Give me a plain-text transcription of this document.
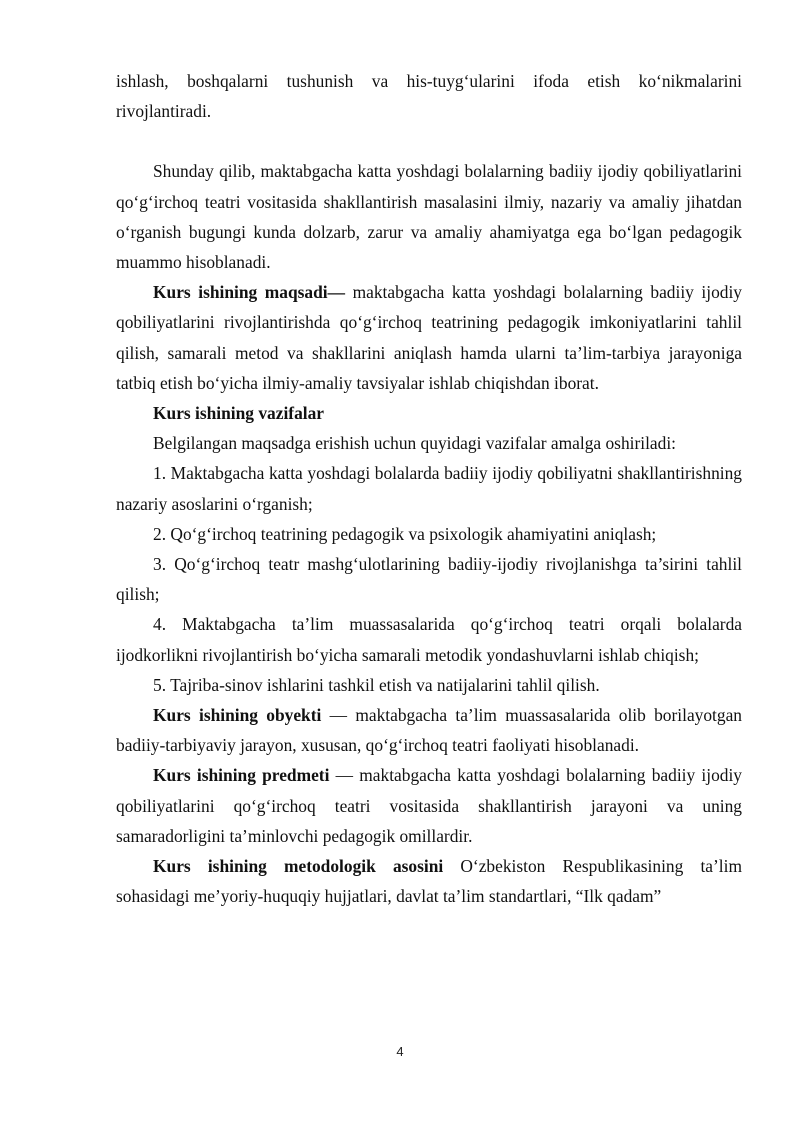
ishlash, boshqalarni tushunish va his-tuyg‘ularini ifoda etish ko‘nikmalarini rivojlantiradi.

Shunday qilib, maktabgacha katta yoshdagi bolalarning badiiy ijodiy qobiliyatlarini qo‘g‘irchoq teatri vositasida shakllantirish masalasini ilmiy, nazariy va amaliy jihatdan o‘rganish bugungi kunda dolzarb, zarur va amaliy ahamiyatga ega bo‘lgan pedagogik muammo hisoblanadi.

Kurs ishining maqsadi— maktabgacha katta yoshdagi bolalarning badiiy ijodiy qobiliyatlarini rivojlantirishda qo‘g‘irchoq teatrining pedagogik imkoniyatlarini tahlil qilish, samarali metod va shakllarini aniqlash hamda ularni ta’lim-tarbiya jarayoniga tatbiq etish bo‘yicha ilmiy-amaliy tavsiyalar ishlab chiqishdan iborat.

Kurs ishining vazifalar

Belgilangan maqsadga erishish uchun quyidagi vazifalar amalga oshiriladi:

1. Maktabgacha katta yoshdagi bolalarda badiiy ijodiy qobiliyatni shakllantirishning nazariy asoslarini o‘rganish;

2. Qo‘g‘irchoq teatrining pedagogik va psixologik ahamiyatini aniqlash;

3. Qo‘g‘irchoq teatr mashg‘ulotlarining badiiy-ijodiy rivojlanishga ta’sirini tahlil qilish;

4. Maktabgacha ta’lim muassasalarida qo‘g‘irchoq teatri orqali bolalarda ijodkorlikni rivojlantirish bo‘yicha samarali metodik yondashuvlarni ishlab chiqish;

5. Tajriba-sinov ishlarini tashkil etish va natijalarini tahlil qilish.

Kurs ishining obyekti — maktabgacha ta’lim muassasalarida olib borilayotgan badiiy-tarbiyaviy jarayon, xususan, qo‘g‘irchoq teatri faoliyati hisoblanadi.

Kurs ishining predmeti — maktabgacha katta yoshdagi bolalarning badiiy ijodiy qobiliyatlarini qo‘g‘irchoq teatri vositasida shakllantirish jarayoni va uning samaradorligini ta’minlovchi pedagogik omillardir.

Kurs ishining metodologik asosini O‘zbekiston Respublikasining ta’lim sohasidagi me’yoriy-huquqiy hujjatlari, davlat ta’lim standartlari, “Ilk qadam”

4
